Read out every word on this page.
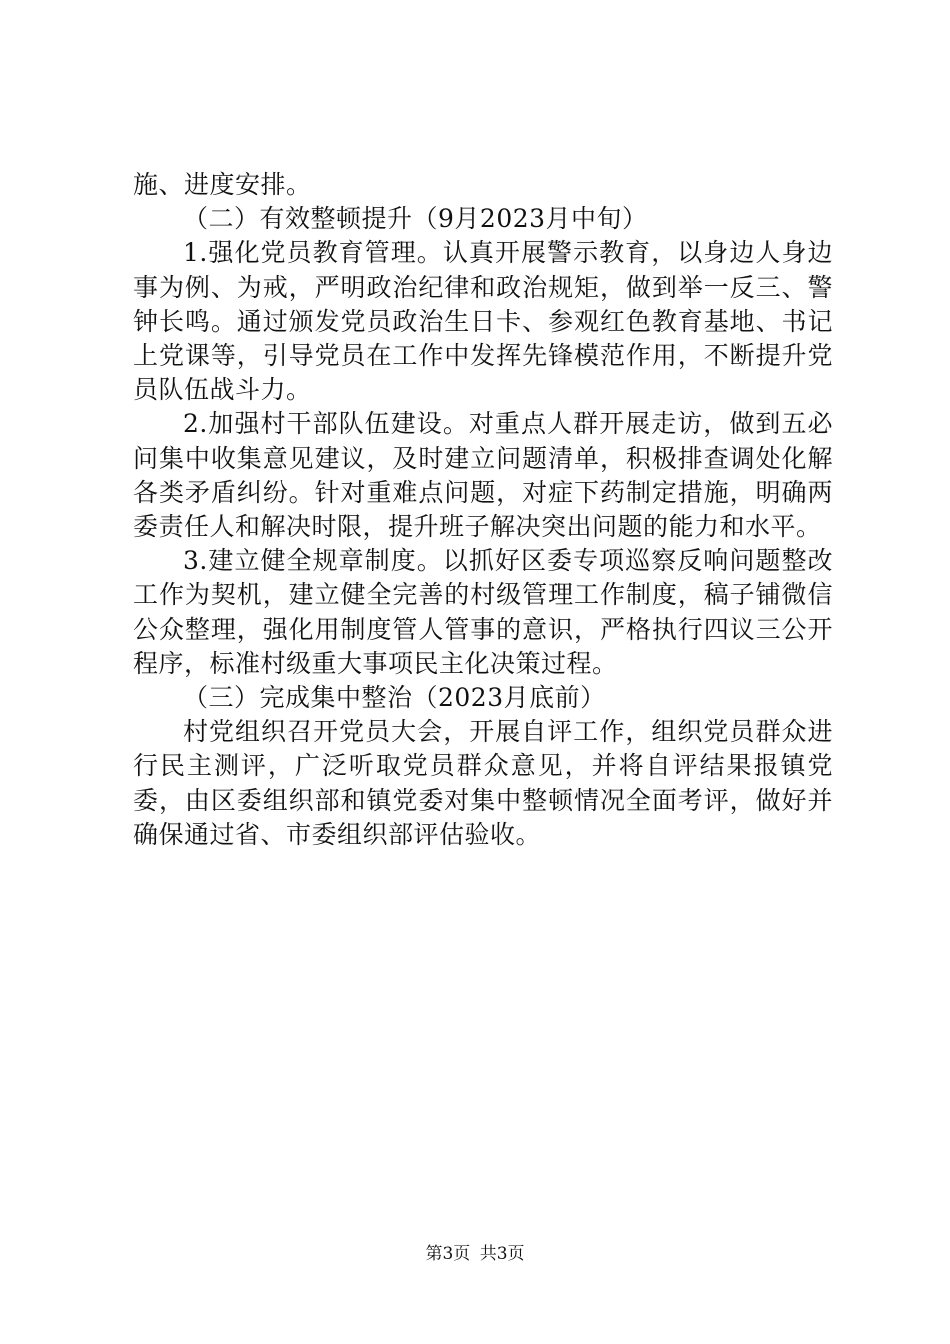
施、进度安排。

（二）有效整顿提升（9月2023月中旬）

1.强化党员教育管理。认真开展警示教育，以身边人身边事为例、为戒，严明政治纪律和政治规矩，做到举一反三、警钟长鸣。通过颁发党员政治生日卡、参观红色教育基地、书记上党课等，引导党员在工作中发挥先锋模范作用，不断提升党员队伍战斗力。

2.加强村干部队伍建设。对重点人群开展走访，做到五必问集中收集意见建议，及时建立问题清单，积极排查调处化解各类矛盾纠纷。针对重难点问题，对症下药制定措施，明确两委责任人和解决时限，提升班子解决突出问题的能力和水平。

3.建立健全规章制度。以抓好区委专项巡察反响问题整改工作为契机，建立健全完善的村级管理工作制度，稿子铺微信公众整理，强化用制度管人管事的意识，严格执行四议三公开程序，标准村级重大事项民主化决策过程。

（三）完成集中整治（2023月底前）

村党组织召开党员大会，开展自评工作，组织党员群众进行民主测评，广泛听取党员群众意见，并将自评结果报镇党委，由区委组织部和镇党委对集中整顿情况全面考评，做好并确保通过省、市委组织部评估验收。

第3页 共3页
